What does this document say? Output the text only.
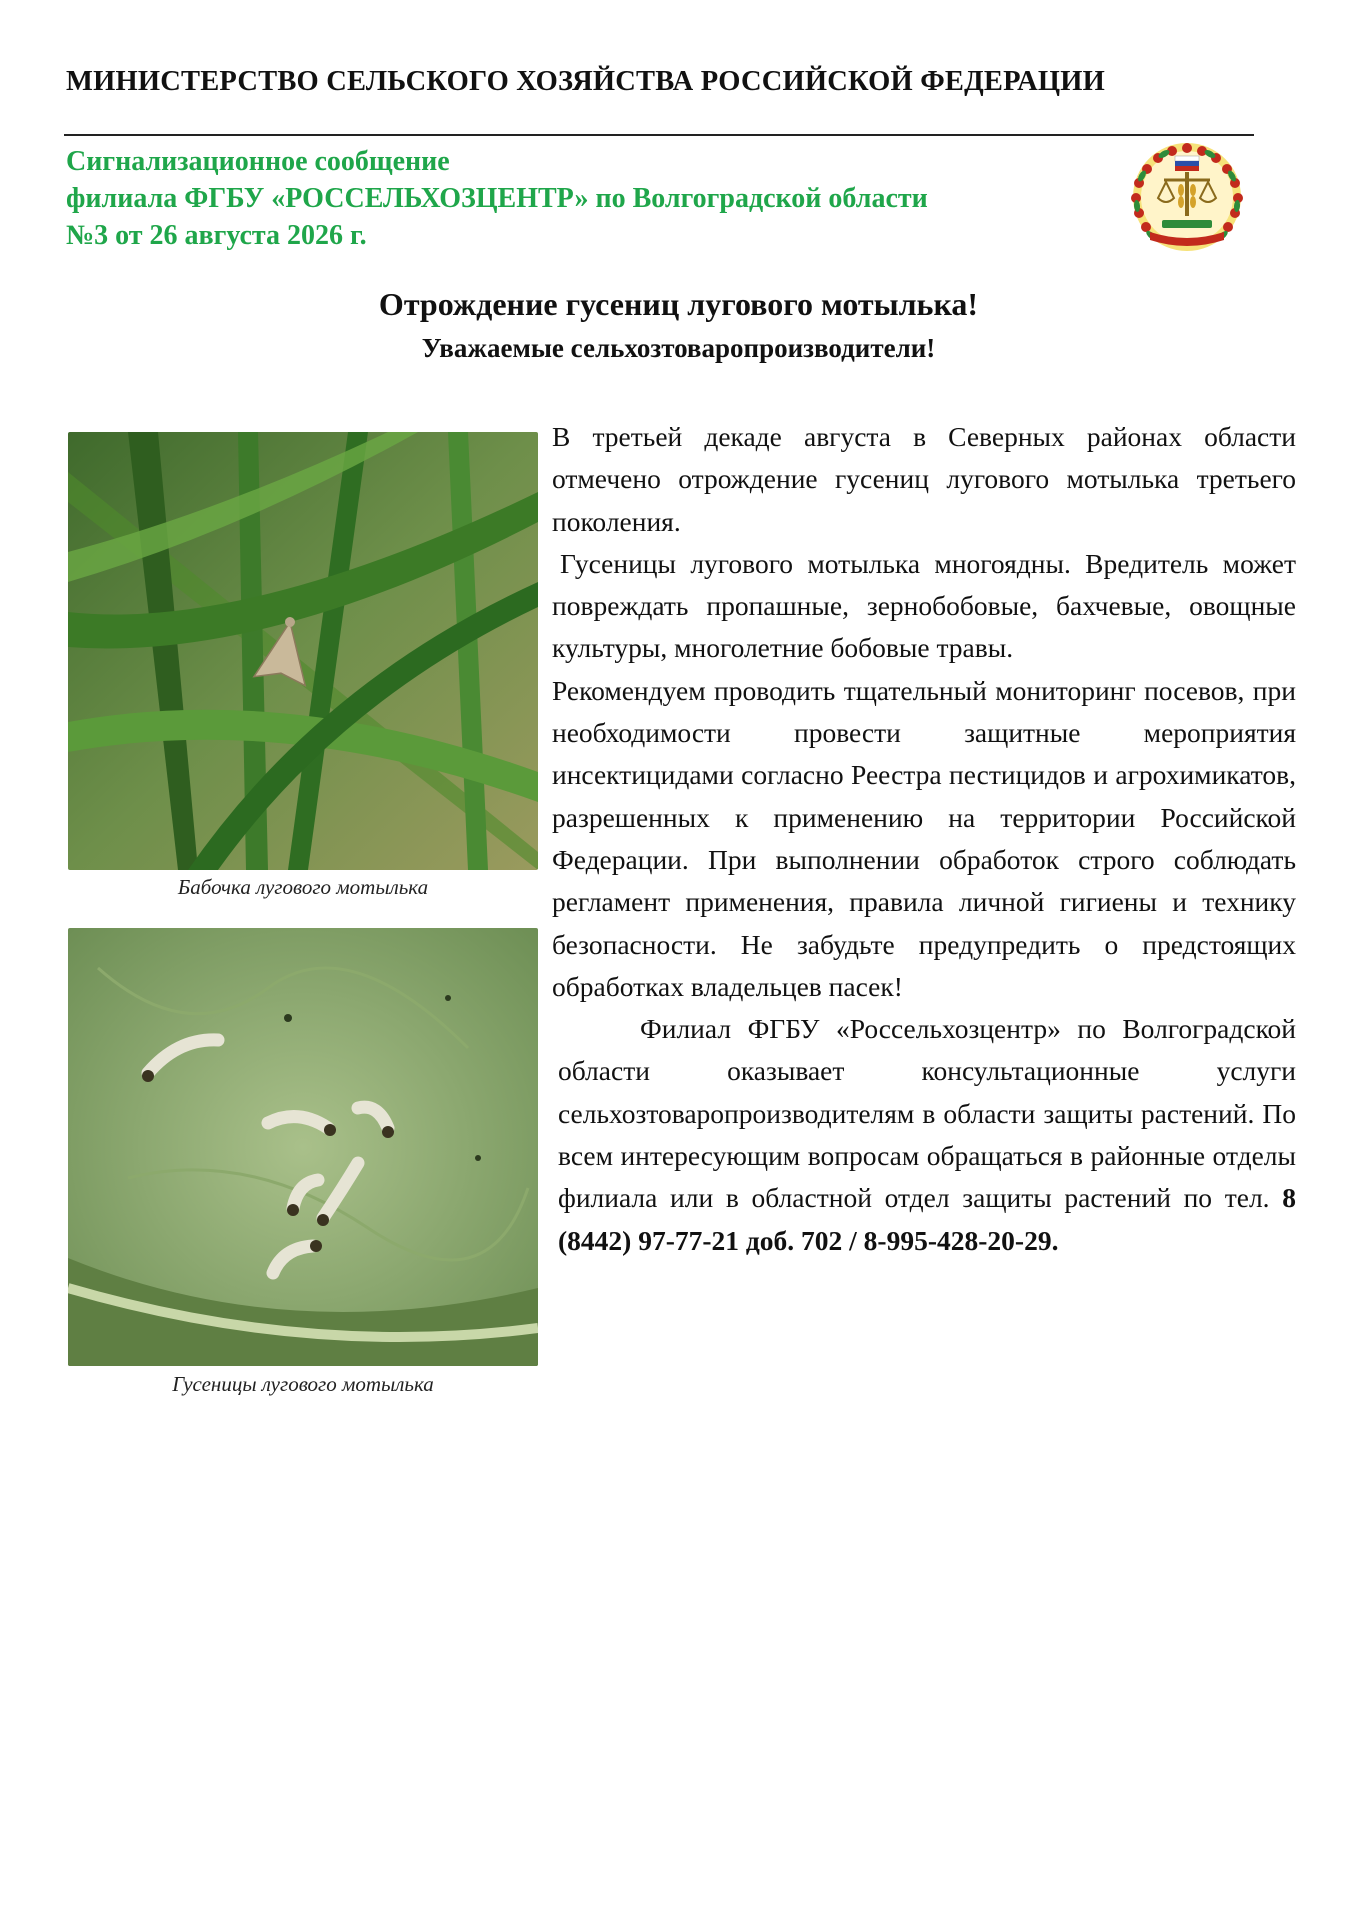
МИНИСТЕРСТВО СЕЛЬСКОГО ХОЗЯЙСТВА РОССИЙСКОЙ ФЕДЕРАЦИИ
Сигнализационное сообщение
филиала ФГБУ «РОССЕЛЬХОЗЦЕНТР» по Волгоградской области
№3 от 26 августа 2026 г.
Отрождение гусениц лугового мотылька!
Уважаемые сельхозтоваропроизводители!
Бабочка лугового мотылька
Гусеницы лугового мотылька

В третьей декаде августа в Северных районах области отмечено отрождение гусениц лугового мотылька третьего поколения.

Гусеницы лугового мотылька многоядны. Вредитель может повреждать пропашные, зернобобовые, бахчевые, овощные культуры, многолетние бобовые травы.

Рекомендуем проводить тщательный мониторинг посевов, при необходимости провести защитные мероприятия инсектицидами согласно Реестра пестицидов и агрохимикатов, разрешенных к применению на территории Российской Федерации. При выполнении обработок строго соблюдать регламент применения, правила личной гигиены и технику безопасности. Не забудьте предупредить о предстоящих обработках владельцев пасек!

Филиал ФГБУ «Россельхозцентр» по Волгоградской области оказывает консультационные услуги сельхозтоваропроизводителям в области защиты растений. По всем интересующим вопросам обращаться в районные отделы филиала или в областной отдел защиты растений по тел. 8 (8442) 97-77-21 доб. 702 / 8-995-428-20-29.
